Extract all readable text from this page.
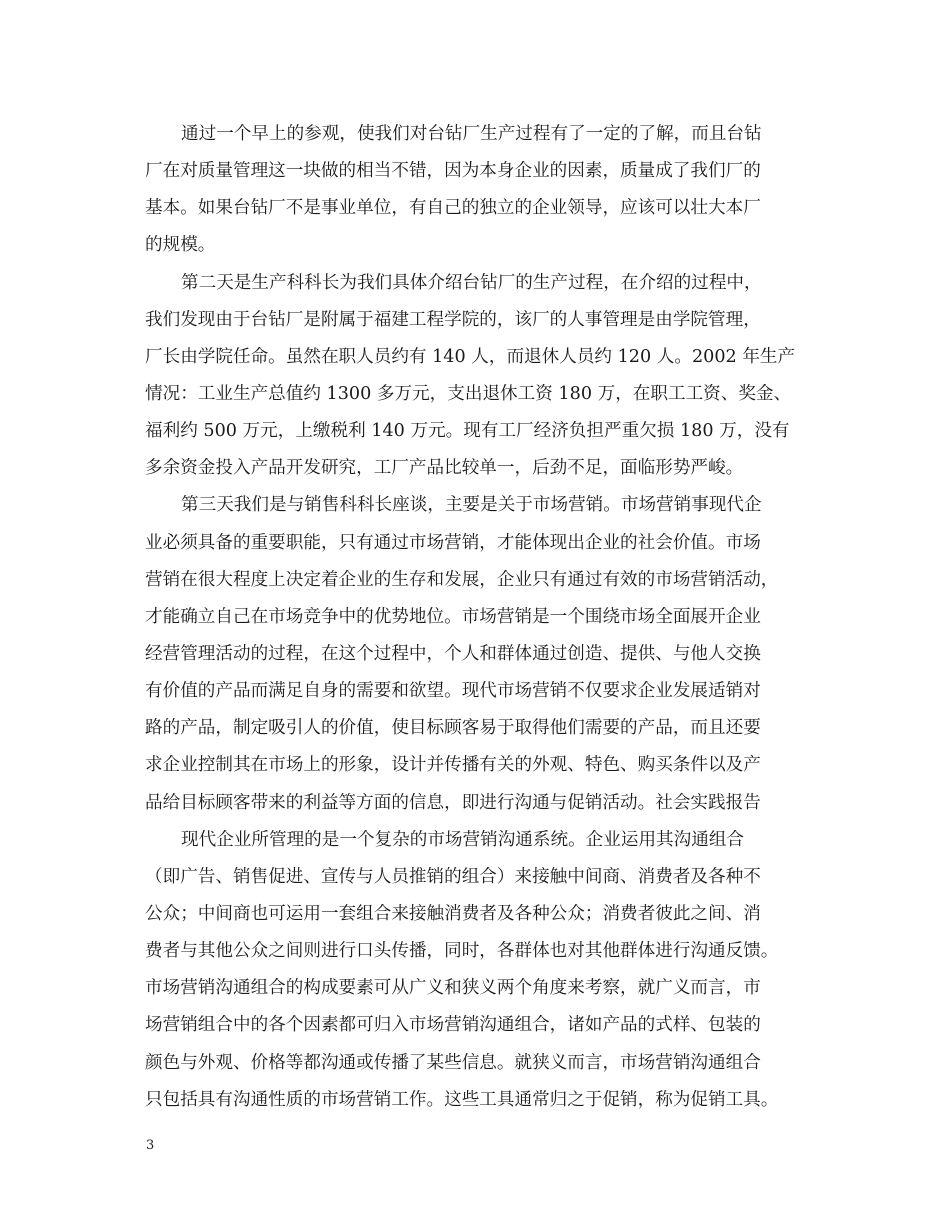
通过一个早上的参观，使我们对台钻厂生产过程有了一定的了解，而且台钻
厂在对质量管理这一块做的相当不错，因为本身企业的因素，质量成了我们厂的
基本。如果台钻厂不是事业单位，有自己的独立的企业领导，应该可以壮大本厂
的规模。
第二天是生产科科长为我们具体介绍台钻厂的生产过程，在介绍的过程中，
我们发现由于台钻厂是附属于福建工程学院的，该厂的人事管理是由学院管理，
厂长由学院任命。虽然在职人员约有 140 人，而退休人员约 120 人。2002 年生产
情况：工业生产总值约 1300 多万元，支出退休工资 180 万，在职工工资、奖金、
福利约 500 万元，上缴税利 140 万元。现有工厂经济负担严重欠损 180 万，没有
多余资金投入产品开发研究，工厂产品比较单一，后劲不足，面临形势严峻。
第三天我们是与销售科科长座谈，主要是关于市场营销。市场营销事现代企
业必须具备的重要职能，只有通过市场营销，才能体现出企业的社会价值。市场
营销在很大程度上决定着企业的生存和发展，企业只有通过有效的市场营销活动，
才能确立自己在市场竞争中的优势地位。市场营销是一个围绕市场全面展开企业
经营管理活动的过程，在这个过程中，个人和群体通过创造、提供、与他人交换
有价值的产品而满足自身的需要和欲望。现代市场营销不仅要求企业发展适销对
路的产品，制定吸引人的价值，使目标顾客易于取得他们需要的产品，而且还要
求企业控制其在市场上的形象，设计并传播有关的外观、特色、购买条件以及产
品给目标顾客带来的利益等方面的信息，即进行沟通与促销活动。社会实践报告
现代企业所管理的是一个复杂的市场营销沟通系统。企业运用其沟通组合
（即广告、销售促进、宣传与人员推销的组合）来接触中间商、消费者及各种不
公众；中间商也可运用一套组合来接触消费者及各种公众；消费者彼此之间、消
费者与其他公众之间则进行口头传播，同时，各群体也对其他群体进行沟通反馈。
市场营销沟通组合的构成要素可从广义和狭义两个角度来考察，就广义而言，市
场营销组合中的各个因素都可归入市场营销沟通组合，诸如产品的式样、包装的
颜色与外观、价格等都沟通或传播了某些信息。就狭义而言，市场营销沟通组合
只包括具有沟通性质的市场营销工作。这些工具通常归之于促销，称为促销工具。
3
